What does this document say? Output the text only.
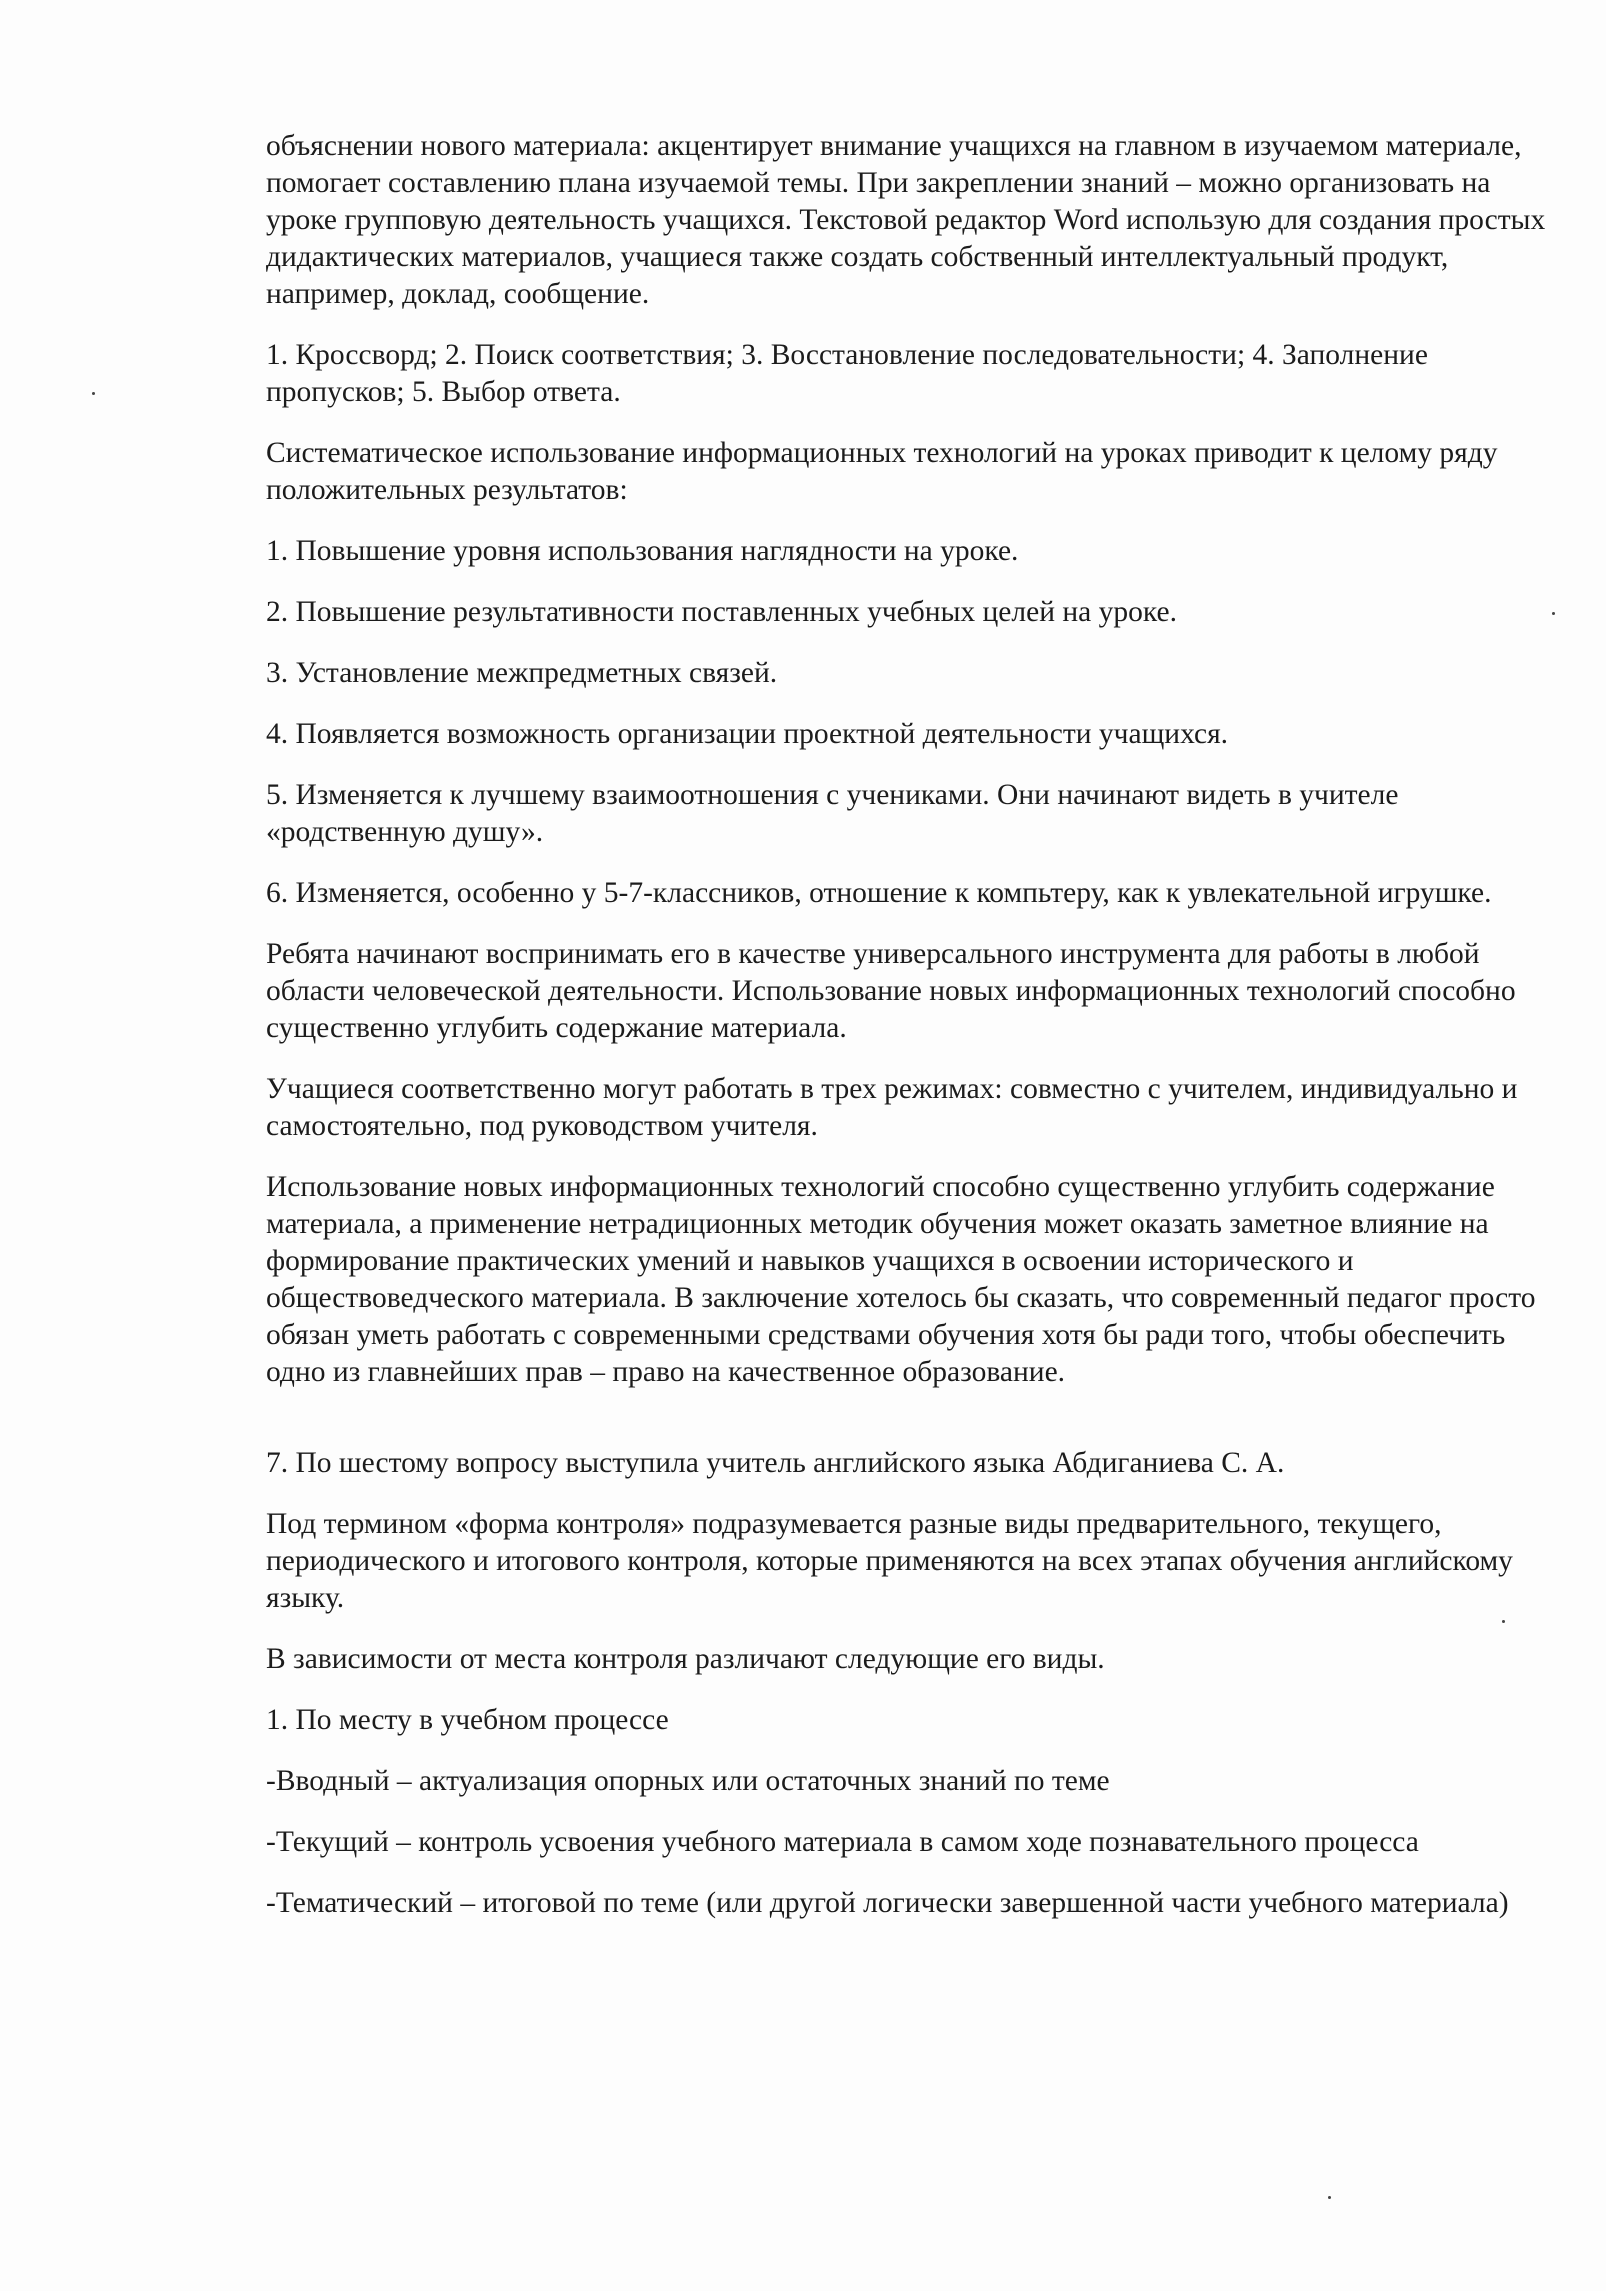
объяснении нового материала: акцентирует внимание учащихся на главном в изучаемом материале, помогает составлению плана изучаемой темы. При закреплении знаний – можно организовать на уроке групповую деятельность учащихся. Текстовой редактор Word использую для создания простых дидактических материалов, учащиеся также создать собственный интеллектуальный продукт, например, доклад, сообщение.

1. Кроссворд; 2. Поиск соответствия; 3. Восстановление последовательности; 4. Заполнение пропусков; 5. Выбор ответа.

Систематическое использование информационных технологий на уроках приводит к целому ряду положительных результатов:

1. Повышение уровня использования наглядности на уроке.

2. Повышение результативности поставленных учебных целей на уроке.

3. Установление межпредметных связей.

4. Появляется возможность организации проектной деятельности учащихся.

5. Изменяется к лучшему взаимоотношения с учениками. Они начинают видеть в учителе «родственную душу».

6. Изменяется, особенно у 5-7-классников, отношение к компьтеру, как к увлекательной игрушке.

Ребята начинают воспринимать его в качестве универсального инструмента для работы в любой области человеческой деятельности. Использование новых информационных технологий способно существенно углубить содержание материала.

Учащиеся соответственно могут работать в трех режимах: совместно с учителем, индивидуально и самостоятельно, под руководством учителя.

Использование новых информационных технологий способно существенно углубить содержание материала, а применение нетрадиционных методик обучения может оказать заметное влияние на формирование практических умений и навыков учащихся в освоении исторического и обществоведческого материала. В заключение хотелось бы сказать, что современный педагог просто обязан уметь работать с современными средствами обучения хотя бы ради того, чтобы обеспечить одно из главнейших прав – право на качественное образование.

7. По шестому вопросу выступила учитель английского языка Абдиганиева С. А.

Под термином «форма контроля» подразумевается разные виды предварительного, текущего, периодического и итогового контроля, которые применяются на всех этапах обучения английскому языку.

В зависимости от места контроля различают следующие его виды.

1. По месту в учебном процессе

-Вводный – актуализация опорных или остаточных знаний по теме

-Текущий – контроль усвоения учебного материала в самом ходе познавательного процесса

-Тематический – итоговой по теме (или другой логически завершенной части учебного материала)
